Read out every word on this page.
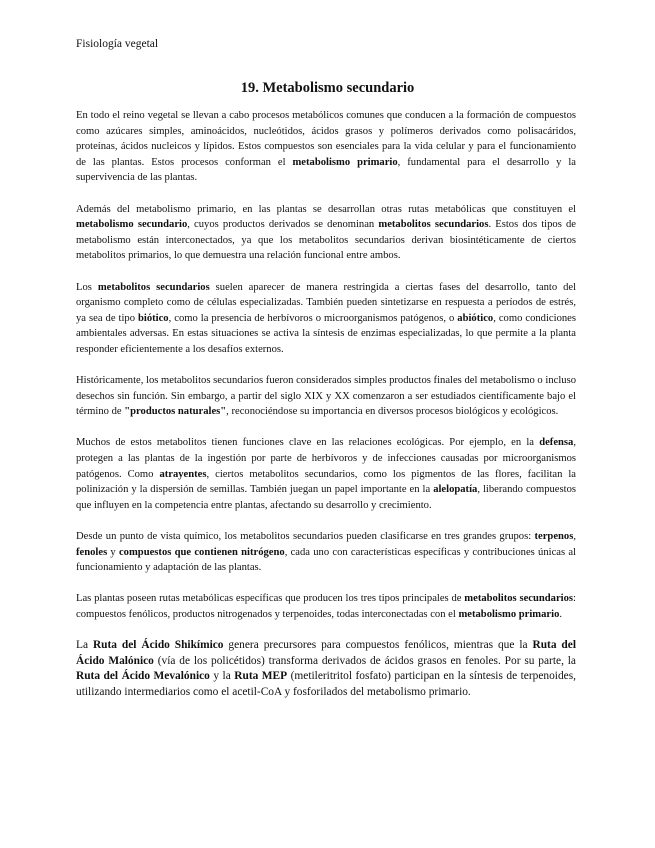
Fisiología vegetal
19. Metabolismo secundario

En todo el reino vegetal se llevan a cabo procesos metabólicos comunes que conducen a la formación de compuestos como azúcares simples, aminoácidos, nucleótidos, ácidos grasos y polímeros derivados como polisacáridos, proteínas, ácidos nucleicos y lípidos. Estos compuestos son esenciales para la vida celular y para el funcionamiento de las plantas. Estos procesos conforman el metabolismo primario, fundamental para el desarrollo y la supervivencia de las plantas.

Además del metabolismo primario, en las plantas se desarrollan otras rutas metabólicas que constituyen el metabolismo secundario, cuyos productos derivados se denominan metabolitos secundarios. Estos dos tipos de metabolismo están interconectados, ya que los metabolitos secundarios derivan biosintéticamente de ciertos metabolitos primarios, lo que demuestra una relación funcional entre ambos.

Los metabolitos secundarios suelen aparecer de manera restringida a ciertas fases del desarrollo, tanto del organismo completo como de células especializadas. También pueden sintetizarse en respuesta a períodos de estrés, ya sea de tipo biótico, como la presencia de herbívoros o microorganismos patógenos, o abiótico, como condiciones ambientales adversas. En estas situaciones se activa la síntesis de enzimas especializadas, lo que permite a la planta responder eficientemente a los desafíos externos.

Históricamente, los metabolitos secundarios fueron considerados simples productos finales del metabolismo o incluso desechos sin función. Sin embargo, a partir del siglo XIX y XX comenzaron a ser estudiados científicamente bajo el término de "productos naturales", reconociéndose su importancia en diversos procesos biológicos y ecológicos.

Muchos de estos metabolitos tienen funciones clave en las relaciones ecológicas. Por ejemplo, en la defensa, protegen a las plantas de la ingestión por parte de herbívoros y de infecciones causadas por microorganismos patógenos. Como atrayentes, ciertos metabolitos secundarios, como los pigmentos de las flores, facilitan la polinización y la dispersión de semillas. También juegan un papel importante en la alelopatía, liberando compuestos que influyen en la competencia entre plantas, afectando su desarrollo y crecimiento.

Desde un punto de vista químico, los metabolitos secundarios pueden clasificarse en tres grandes grupos: terpenos, fenoles y compuestos que contienen nitrógeno, cada uno con características específicas y contribuciones únicas al funcionamiento y adaptación de las plantas.

Las plantas poseen rutas metabólicas específicas que producen los tres tipos principales de metabolitos secundarios: compuestos fenólicos, productos nitrogenados y terpenoides, todas interconectadas con el metabolismo primario.

La Ruta del Ácido Shikímico genera precursores para compuestos fenólicos, mientras que la Ruta del Ácido Malónico (vía de los policétidos) transforma derivados de ácidos grasos en fenoles. Por su parte, la Ruta del Ácido Mevalónico y la Ruta MEP (metileritritol fosfato) participan en la síntesis de terpenoides, utilizando intermediarios como el acetil-CoA y fosforilados del metabolismo primario.
